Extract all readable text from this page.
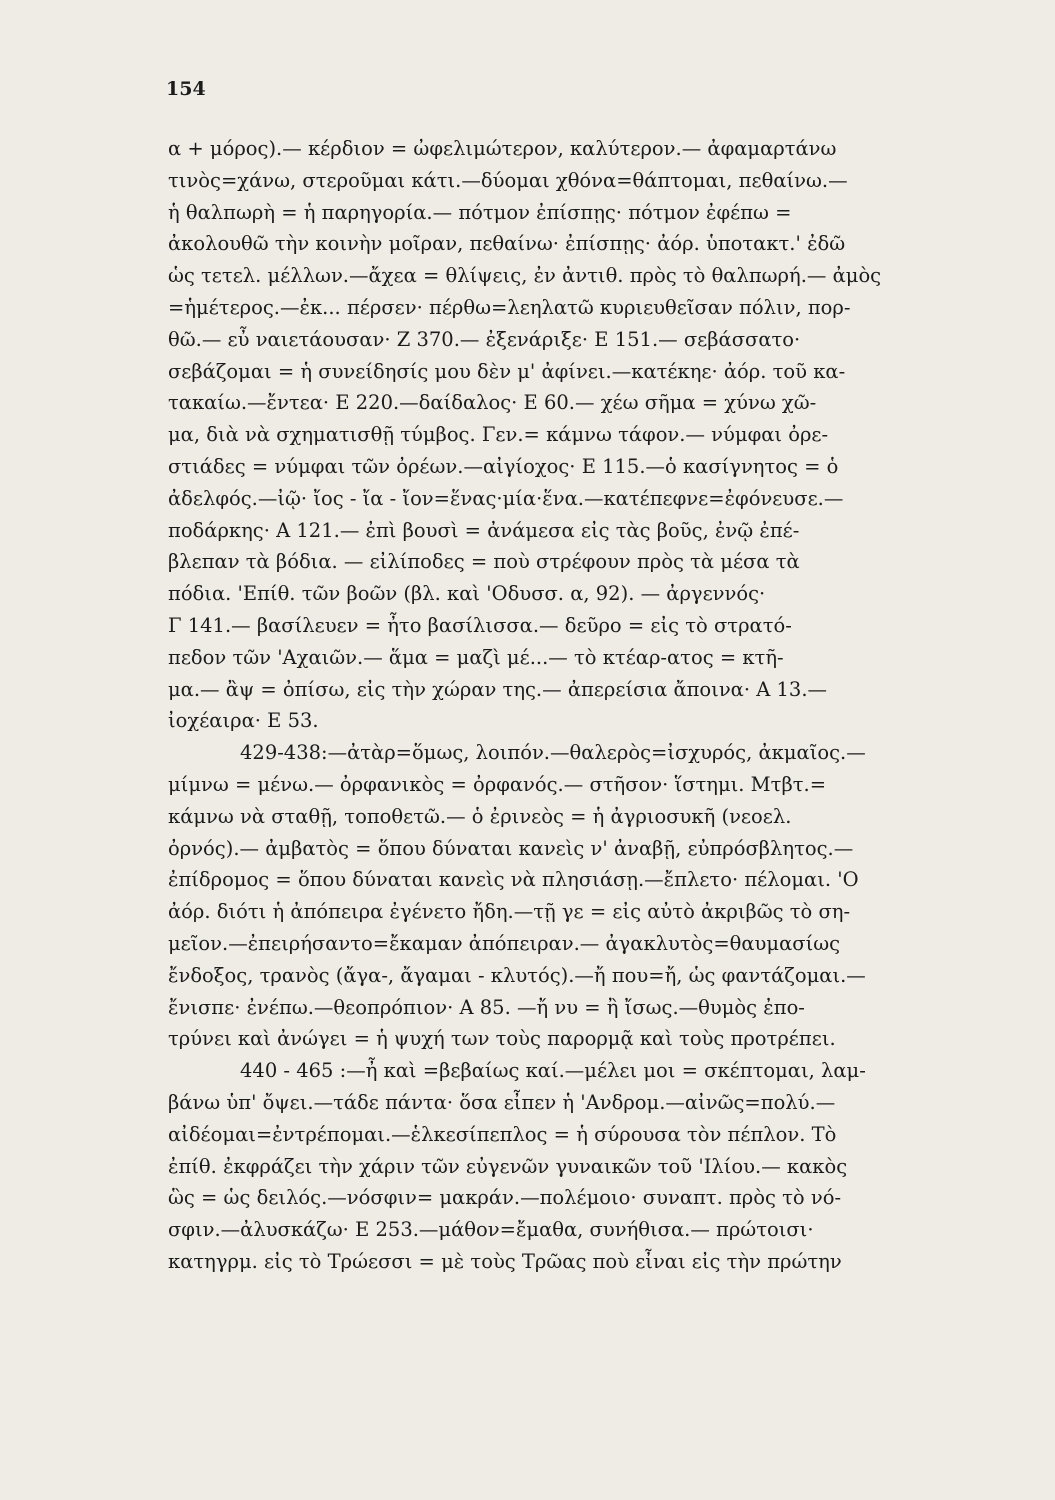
154
α + μόρος).— κέρδιον = ὠφελιμώτερον, καλύτερον.— ἀφαμαρτάνω
τινὸς=χάνω, στεροῦμαι κάτι.—δύομαι χθόνα=θάπτομαι, πεθαίνω.—
ἡ θαλπωρὴ = ἡ παρηγορία.— πότμον ἐπίσπῃς· πότμον ἐφέπω =
ἀκολουθῶ τὴν κοινὴν μοῖραν, πεθαίνω· ἐπίσπῃς· ἀόρ. ὑποτακτ.' ἐδῶ
ὡς τετελ. μέλλων.—ἄχεα = θλίψεις, ἐν ἀντιθ. πρὸς τὸ θαλπωρή.— ἀμὸς
=ἡμέτερος.—ἐκ... πέρσεν· πέρθω=λεηλατῶ κυριευθεῖσαν πόλιν, πορ-
θῶ.— εὖ ναιετάουσαν· Ζ 370.— ἐξενάριξε· Ε 151.— σεβάσσατο·
σεβάζομαι = ἡ συνείδησίς μου δὲν μ' ἀφίνει.—κατέκηε· ἀόρ. τοῦ κα-
τακαίω.—ἔντεα· Ε 220.—δαίδαλος· Ε 60.— χέω σῆμα = χύνω χῶ-
μα, διὰ νὰ σχηματισθῇ τύμβος. Γεν.= κάμνω τάφον.— νύμφαι ὀρε-
στιάδες = νύμφαι τῶν ὀρέων.—αἰγίοχος· Ε 115.—ὁ κασίγνητος = ὁ
ἀδελφός.—ἰῷ· ἴος - ἴα - ἴον=ἕνας·μία·ἕνα.—κατέπεφνε=ἐφόνευσε.—
ποδάρκης· Α 121.— ἐπὶ βουσὶ = ἀνάμεσα εἰς τὰς βοῦς, ἐνῷ ἐπέ-
βλεπαν τὰ βόδια. — εἰλίποδες = ποὺ στρέφουν πρὸς τὰ μέσα τὰ
πόδια. 'Επίθ. τῶν βοῶν (βλ. καὶ 'Οδυσσ. α, 92). — ἀργεννός·
Γ 141.— βασίλευεν = ἦτο βασίλισσα.— δεῦρο = εἰς τὸ στρατό-
πεδον τῶν 'Αχαιῶν.— ἅμα = μαζὶ μέ...— τὸ κτέαρ-ατος = κτῆ-
μα.— ἂψ = ὀπίσω, εἰς τὴν χώραν της.— ἀπερείσια ἄποινα· Α 13.—
ἰοχέαιρα· Ε 53.
429-438:—ἀτὰρ=ὅμως, λοιπόν.—θαλερὸς=ἰσχυρός, ἀκμαῖος.—
μίμνω = μένω.— ὀρφανικὸς = ὀρφανός.— στῆσον· ἵστημι. Μτβτ.=
κάμνω νὰ σταθῇ, τοποθετῶ.— ὁ ἐρινεὸς = ἡ ἀγριοσυκῆ (νεοελ.
ὀρνός).— ἀμβατὸς = ὅπου δύναται κανεὶς ν' ἀναβῇ, εὐπρόσβλητος.—
ἐπίδρομος = ὅπου δύναται κανεὶς νὰ πλησιάσῃ.—ἔπλετο· πέλομαι. 'Ο
ἀόρ. διότι ἡ ἀπόπειρα ἐγένετο ἤδη.—τῇ γε = εἰς αὐτὸ ἀκριβῶς τὸ ση-
μεῖον.—ἐπειρήσαντο=ἔκαμαν ἀπόπειραν.— ἀγακλυτὸς=θαυμασίως
ἔνδοξος, τρανὸς (ἄγα-, ἄγαμαι - κλυτός).—ἤ που=ἤ, ὡς φαντάζομαι.—
ἔνισπε· ἐνέπω.—θεοπρόπιον· Α 85. —ἤ νυ = ἢ ἴσως.—θυμὸς ἐπο-
τρύνει καὶ ἀνώγει = ἡ ψυχή των τοὺς παρορμᾷ καὶ τοὺς προτρέπει.
440 - 465 :—ἦ καὶ =βεβαίως καί.—μέλει μοι = σκέπτομαι, λαμ-
βάνω ὑπ' ὄψει.—τάδε πάντα· ὅσα εἶπεν ἡ 'Ανδρομ.—αἰνῶς=πολύ.—
αἰδέομαι=ἐντρέπομαι.—ἑλκεσίπεπλος = ἡ σύρουσα τὸν πέπλον. Τὸ
ἐπίθ. ἐκφράζει τὴν χάριν τῶν εὐγενῶν γυναικῶν τοῦ 'Ιλίου.— κακὸς
ὣς = ὡς δειλός.—νόσφιν= μακράν.—πολέμοιο· συναπτ. πρὸς τὸ νό-
σφιν.—ἀλυσκάζω· Ε 253.—μάθον=ἔμαθα, συνήθισα.— πρώτοισι·
κατηγρμ. εἰς τὸ Τρώεσσι = μὲ τοὺς Τρῶας ποὺ εἶναι εἰς τὴν πρώτην
